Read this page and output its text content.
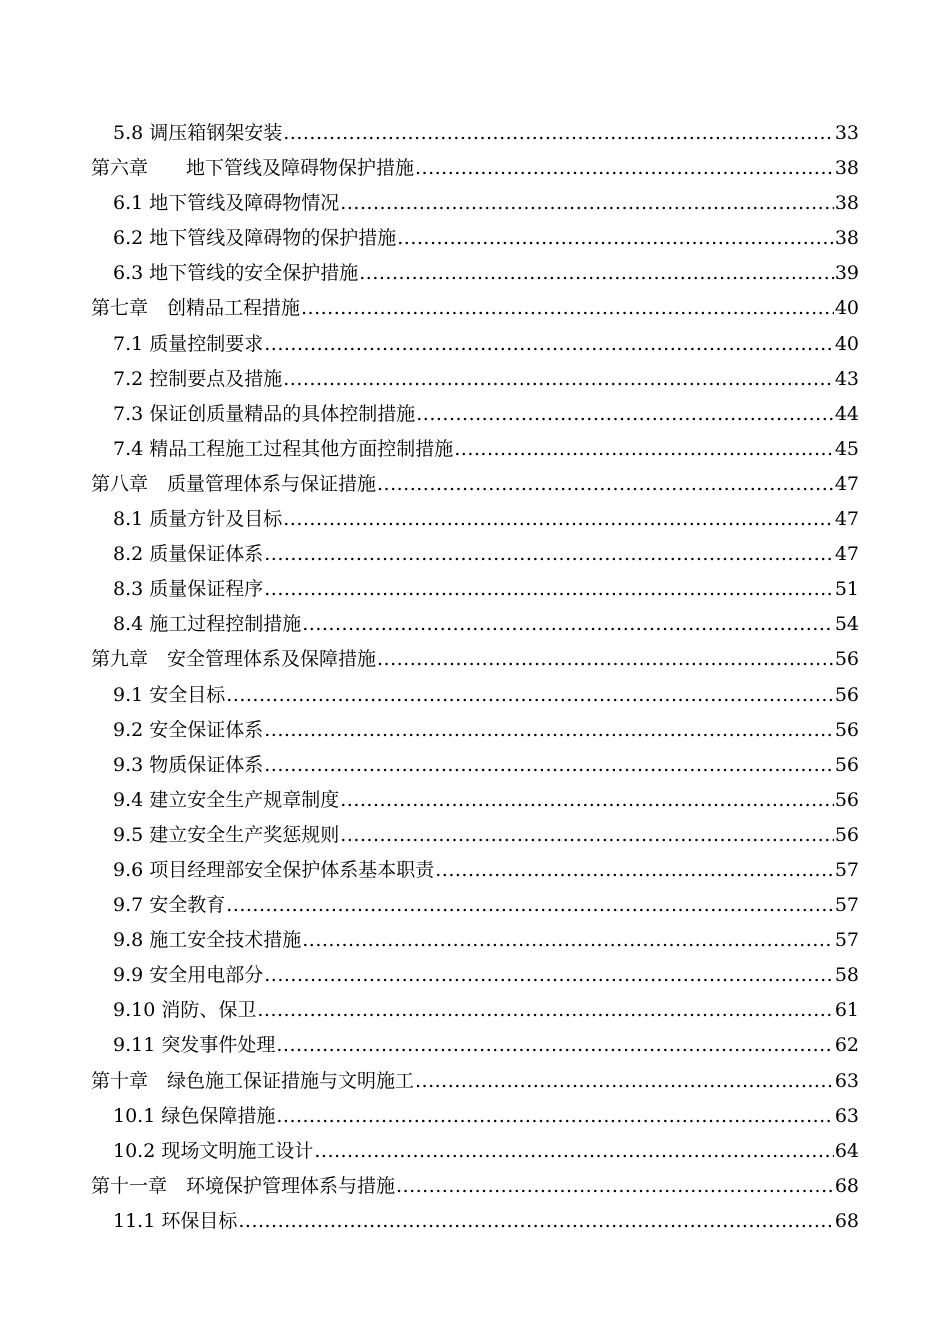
5.8 调压箱钢架安装 .....	33
第六章　　地下管线及障碍物保护措施 .....	38
6.1 地下管线及障碍物情况 .....	38
6.2 地下管线及障碍物的保护措施 .....	38
6.3 地下管线的安全保护措施 .....	39
第七章　创精品工程措施 .....	40
7.1 质量控制要求 .....	40
7.2 控制要点及措施 .....	43
7.3 保证创质量精品的具体控制措施 .....	44
7.4 精品工程施工过程其他方面控制措施 .....	45
第八章　质量管理体系与保证措施 .....	47
8.1 质量方针及目标 .....	47
8.2 质量保证体系 .....	47
8.3 质量保证程序 .....	51
8.4 施工过程控制措施 .....	54
第九章　安全管理体系及保障措施 .....	56
9.1 安全目标 .....	56
9.2 安全保证体系 .....	56
9.3 物质保证体系 .....	56
9.4 建立安全生产规章制度 .....	56
9.5 建立安全生产奖惩规则 .....	56
9.6 项目经理部安全保护体系基本职责 .....	57
9.7 安全教育 .....	57
9.8 施工安全技术措施 .....	57
9.9 安全用电部分 .....	58
9.10 消防、保卫 .....	61
9.11 突发事件处理 .....	62
第十章　绿色施工保证措施与文明施工 .....	63
10.1 绿色保障措施 .....	63
10.2 现场文明施工设计 .....	64
第十一章　环境保护管理体系与措施 .....	68
11.1 环保目标 .....	68
